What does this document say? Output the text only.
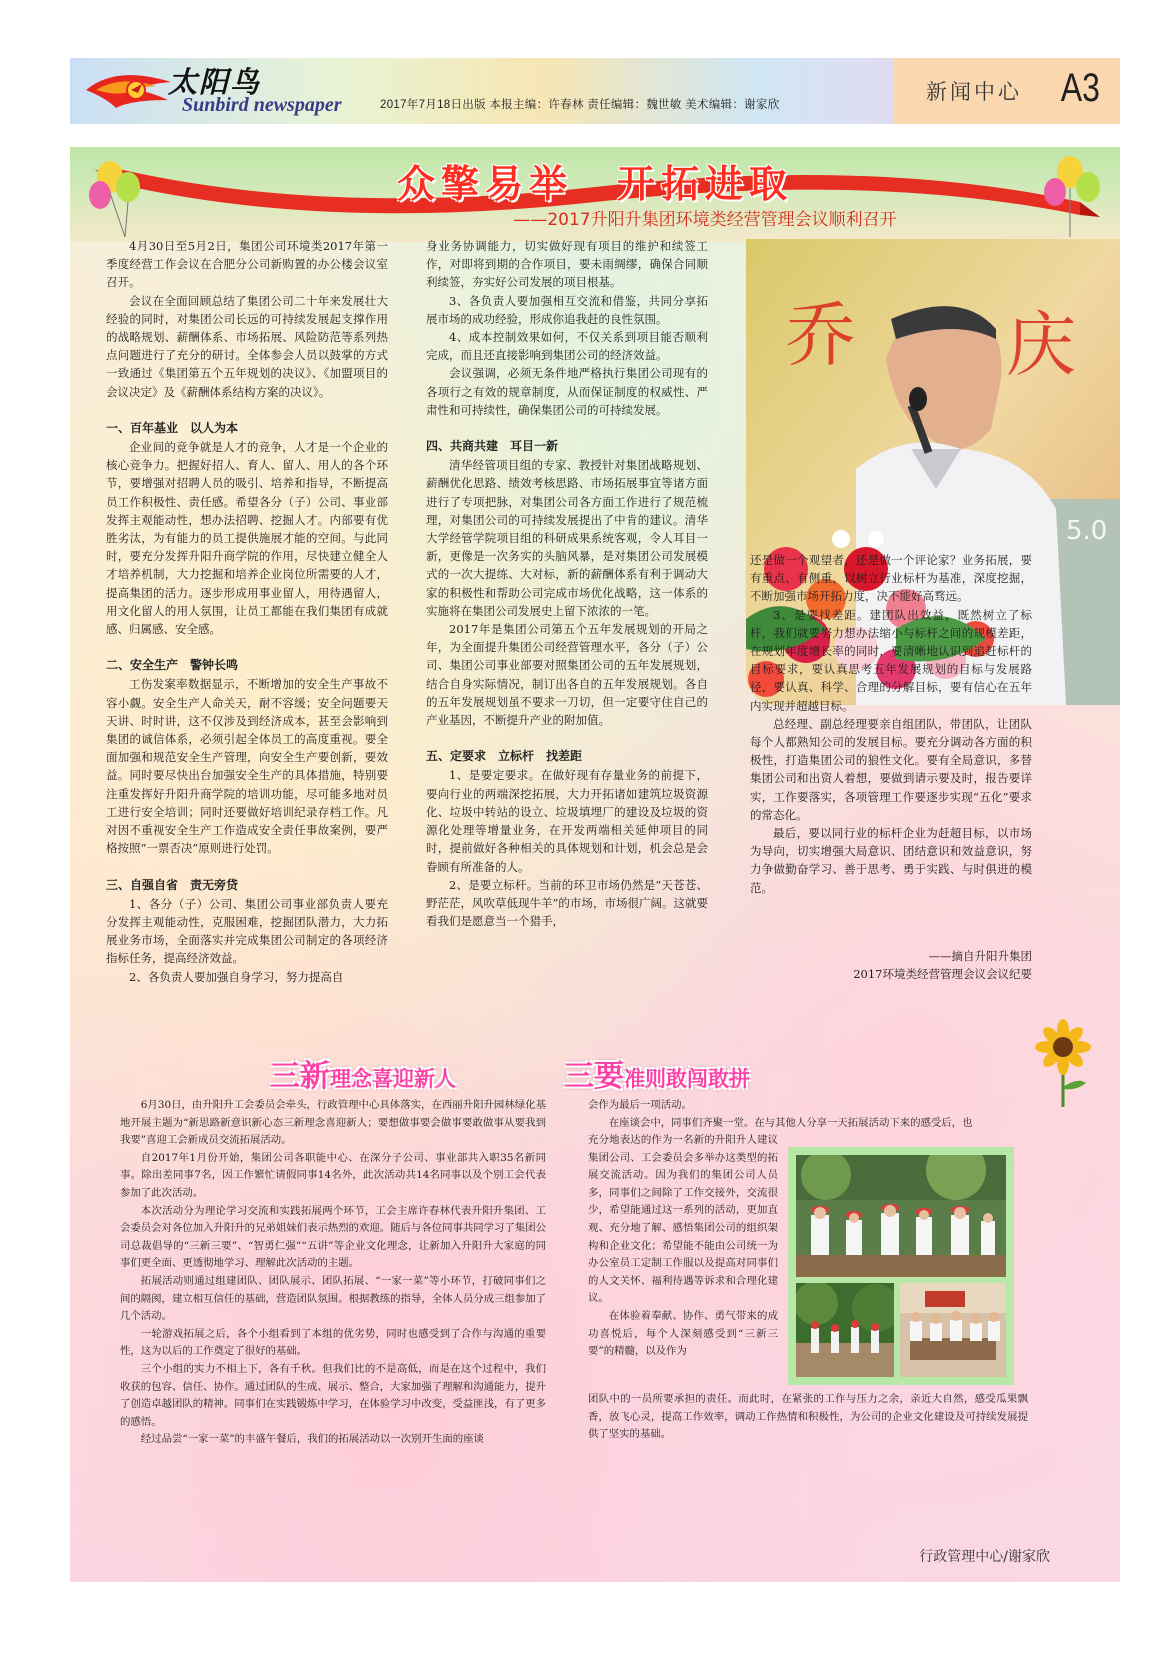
太阳鸟
Sunbird newspaper	2017年7月18日出版 本报主编：许春林 责任编辑：魏世敏 美术编辑：谢家欣
新闻中心 A3
众擎易举　开拓进取
——2017升阳升集团环境类经营管理会议顺利召开

4月30日至5月2日，集团公司环境类2017年第一季度经营工作会议在合肥分公司新购置的办公楼会议室召开。

会议在全面回顾总结了集团公司二十年来发展壮大经验的同时，对集团公司长远的可持续发展起支撑作用的战略规划、薪酬体系、市场拓展、风险防范等系列热点问题进行了充分的研讨。全体参会人员以鼓掌的方式一致通过《集团第五个五年规划的决议》、《加盟项目的会议决定》及《薪酬体系结构方案的决议》。

一、百年基业　以人为本

企业间的竞争就是人才的竞争，人才是一个企业的核心竞争力。把握好招人、育人、留人、用人的各个环节，要增强对招聘人员的吸引、培养和指导，不断提高员工作积极性、责任感。希望各分（子）公司、事业部发挥主观能动性，想办法招聘、挖掘人才。内部要有优胜劣汰，为有能力的员工提供施展才能的空间。与此同时，要充分发挥升阳升商学院的作用，尽快建立健全人才培养机制，大力挖掘和培养企业岗位所需要的人才，提高集团的活力。逐步形成用事业留人，用待遇留人，用文化留人的用人氛围，让员工都能在我们集团有成就感、归属感、安全感。

二、安全生产　警钟长鸣

工伤发案率数据显示，不断增加的安全生产事故不容小觑。安全生产人命关天，耐不容缓；安全问题要天天讲、时时讲，这不仅涉及到经济成本，甚至会影响到集团的诚信体系，必须引起全体员工的高度重视。要全面加强和规范安全生产管理，向安全生产要创新，要效益。同时要尽快出台加强安全生产的具体措施，特别要注重发挥好升阳升商学院的培训功能，尽可能多地对员工进行安全培训；同时还要做好培训纪录存档工作。凡对因不重视安全生产工作造成安全责任事故案例，要严格按照“一票否决”原则进行处罚。

三、自强自省　责无旁贷

1、各分（子）公司、集团公司事业部负责人要充分发挥主观能动性，克服困难，挖掘团队潜力，大力拓展业务市场，全面落实并完成集团公司制定的各项经济指标任务，提高经济效益。

2、各负责人要加强自身学习，努力提高自

身业务协调能力，切实做好现有项目的维护和续签工作，对即将到期的合作项目，要未雨绸缪，确保合同顺利续签，夯实好公司发展的项目根基。

3、各负责人要加强相互交流和借鉴，共同分享拓展市场的成功经验，形成你追我赶的良性氛围。

4、成本控制效果如何，不仅关系到项目能否顺利完成，而且还直接影响到集团公司的经济效益。

会议强调，必须无条件地严格执行集团公司现有的各项行之有效的规章制度，从而保证制度的权威性、严肃性和可持续性，确保集团公司的可持续发展。

四、共商共建　耳目一新

清华经管项目组的专家、教授针对集团战略规划、薪酬优化思路、绩效考核思路、市场拓展事宜等诸方面进行了专项把脉，对集团公司各方面工作进行了规范梳理，对集团公司的可持续发展提出了中肯的建议。清华大学经管学院项目组的科研成果系统客观，令人耳目一新，更像是一次务实的头脑风暴，是对集团公司发展模式的一次大提练、大对标，新的薪酬体系有利于调动大家的积极性和帮助公司完成市场优化战略，这一体系的实施将在集团公司发展史上留下浓浓的一笔。

2017年是集团公司第五个五年发展规划的开局之年，为全面提升集团公司经营管理水平，各分（子）公司、集团公司事业部要对照集团公司的五年发展规划，结合自身实际情况，制订出各自的五年发展规划。各自的五年发展规划虽不要求一刀切，但一定要守住自己的产业基因，不断提升产业的附加值。

五、定要求　立标杆　找差距

1、是要定要求。在做好现有存量业务的前提下，要向行业的两端深挖拓展，大力开拓诸如建筑垃圾资源化、垃圾中转站的设立、垃圾填埋厂的建设及垃圾的资源化处理等增量业务，在开发两端相关延伸项目的同时，提前做好各种相关的具体规划和计划，机会总是会眷顾有所准备的人。

2、是要立标杆。当前的环卫市场仍然是“天苍苍、野茫茫，风吹草低现牛羊”的市场，市场很广阔。这就要看我们是愿意当一个猎手，

乔 庆
5.0

还是做一个观望者，还是做一个评论家？业务拓展，要有重点、有侧重，以树立行业标杆为基准，深度挖掘，不断加强市场开拓力度，决不能好高骛远。

3、是要找差距。建团队出效益，既然树立了标杆，我们就要努力想办法缩小与标杆之间的规模差距，在规划年度增长率的同时，要清晰地认识到追赶标杆的目标要求，要认真思考五年发展规划的目标与发展路径，要认真、科学、合理的分解目标，要有信心在五年内实现并超越目标。

总经理、副总经理要亲自组团队，带团队，让团队每个人都熟知公司的发展目标。要充分调动各方面的积极性，打造集团公司的狼性文化。要有全局意识，多替集团公司和出资人着想，要做到请示要及时，报告要详实，工作要落实，各项管理工作要逐步实现“五化”要求的常态化。

最后，要以同行业的标杆企业为赶超目标，以市场为导向，切实增强大局意识、团结意识和效益意识，努力争做勤奋学习、善于思考、勇于实践、与时俱进的模范。

——摘自升阳升集团
2017环境类经营管理会议会议纪要
三新理念喜迎新人	三要准则敢闯敢拼

6月30日，由升阳升工会委员会牵头，行政管理中心具体落实，在西丽升阳升园林绿化基地开展主题为“新思路新意识新心态三新理念喜迎新人；要想做事要会做事要敢做事从要我到我要”喜迎工会新成员交流拓展活动。

自2017年1月份开始，集团公司各职能中心、在深分子公司、事业部共入职35名新同事。除出差同事7名，因工作繁忙请假同事14名外，此次活动共14名同事以及个别工会代表参加了此次活动。

本次活动分为理论学习交流和实践拓展两个环节，工会主席许春林代表升阳升集团、工会委员会对各位加入升阳升的兄弟姐妹们表示热烈的欢迎。随后与各位同事共同学习了集团公司总裁倡导的“三新三要”、“智勇仁强”“五讲”等企业文化理念，让新加入升阳升大家庭的同事们更全面、更透彻地学习、理解此次活动的主题。

拓展活动则通过组建团队、团队展示、团队拓展、“一家一菜”等小环节，打破同事们之间的隔阂，建立相互信任的基础，营造团队氛围。根据教练的指导，全体人员分成三组参加了几个活动。

一轮游戏拓展之后，各个小组看到了本组的优劣势，同时也感受到了合作与沟通的重要性，这为以后的工作奠定了很好的基础。

三个小组的实力不相上下，各有千秋。但我们比的不是高低，而是在这个过程中，我们收获的包容、信任、协作。通过团队的生成、展示、整合，大家加强了理解和沟通能力，提升了创造卓越团队的精神。同事们在实践锻炼中学习，在体验学习中改变，受益匪浅，有了更多的感悟。

经过品尝“一家一菜”的丰盛午餐后，我们的拓展活动以一次别开生面的座谈

会作为最后一项活动。

在座谈会中，同事们齐聚一堂。在与其他人分享一天拓展活动下来的感受后，也

充分地表达的作为一名新的升阳升人建议集团公司、工会委员会多举办这类型的拓展交流活动。因为我们的集团公司人员多，同事们之间除了工作交接外，交流很少，希望能通过这一系列的活动，更加直观、充分地了解、感悟集团公司的组织架构和企业文化；希望能不能由公司统一为办公室员工定制工作服以及提高对同事们的人文关怀、福利待遇等诉求和合理化建议。

在体验着奉献、协作、勇气带来的成功喜悦后，每个人深刻感受到“三新三要”的精髓，以及作为

团队中的一员所要承担的责任。而此时，在紧张的工作与压力之余，亲近大自然，感受瓜果飘香，放飞心灵，提高工作效率，调动工作热情和积极性，为公司的企业文化建设及可持续发展提供了坚实的基础。

行政管理中心/谢家欣
